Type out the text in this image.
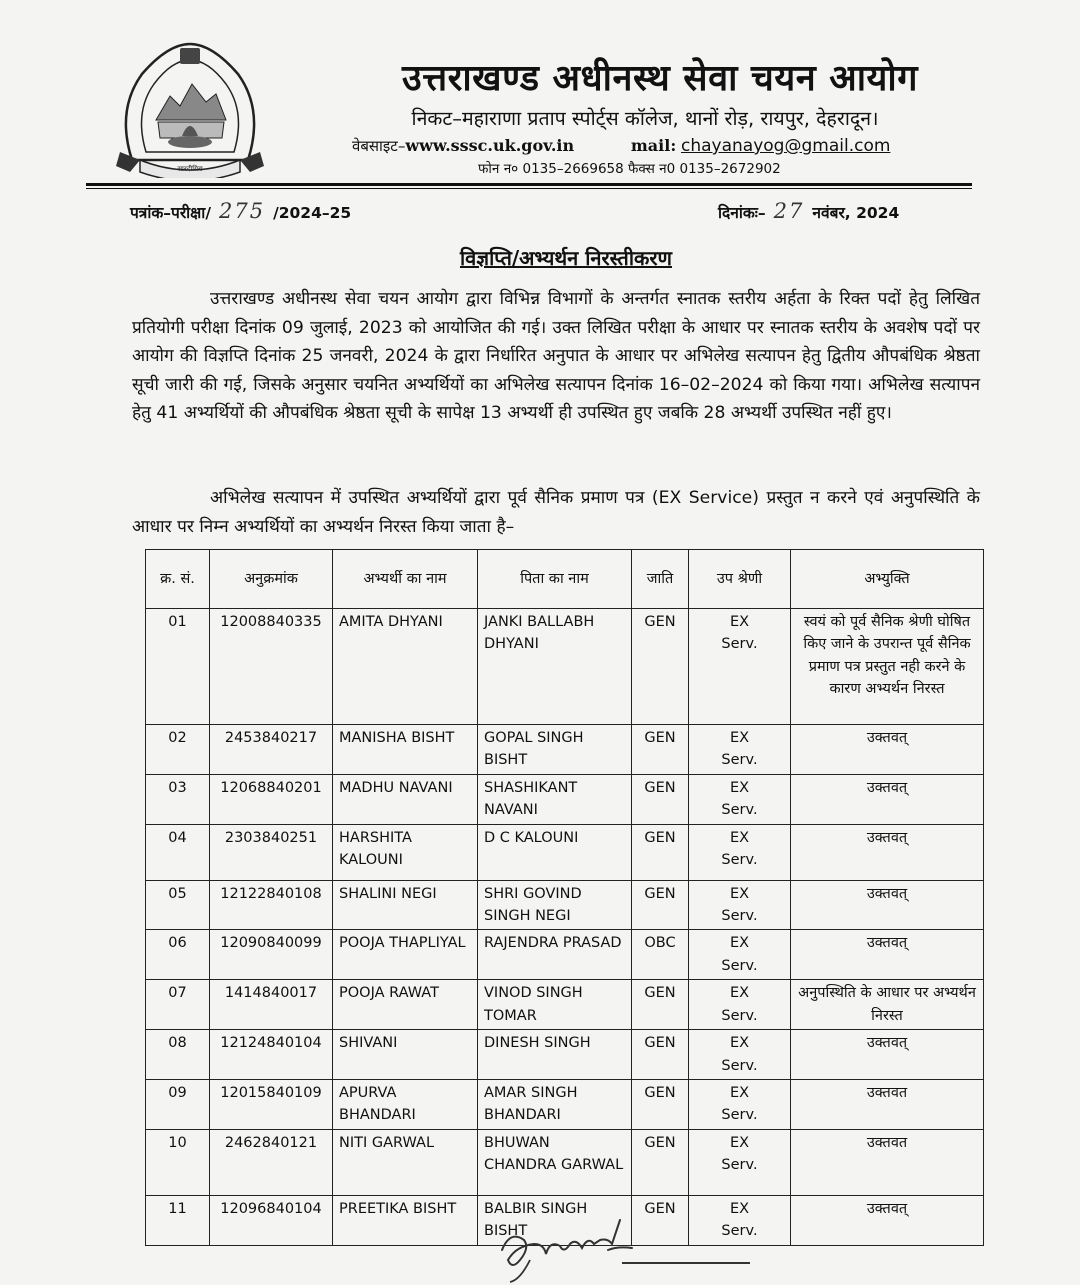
सारदीगिरा
उत्तराखण्ड अधीनस्थ सेवा चयन आयोग
निकट–महाराणा प्रताप स्पोर्ट्स कॉलेज, थानों रोड़, रायपुर, देहरादून।
वेबसाइट–www.sssc.uk.gov.in	mail: chayanayog@gmail.com
फोन न० 0135–2669658 फैक्स न0 0135–2672902
पत्रांक–परीक्षा/ 275 /2024–25	दिनांकः– 27 नवंबर, 2024
विज्ञप्ति/अभ्यर्थन निरस्तीकरण
उत्तराखण्ड अधीनस्थ सेवा चयन आयोग द्वारा विभिन्न विभागों के अन्तर्गत स्नातक स्तरीय अर्हता के रिक्त पदों हेतु लिखित प्रतियोगी परीक्षा दिनांक 09 जुलाई, 2023 को आयोजित की गई। उक्त लिखित परीक्षा के आधार पर स्नातक स्तरीय के अवशेष पदों पर आयोग की विज्ञप्ति दिनांक 25 जनवरी, 2024 के द्वारा निर्धारित अनुपात के आधार पर अभिलेख सत्यापन हेतु द्वितीय औपबंधिक श्रेष्ठता सूची जारी की गई, जिसके अनुसार चयनित अभ्यर्थियों का अभिलेख सत्यापन दिनांक 16–02–2024 को किया गया। अभिलेख सत्यापन हेतु 41 अभ्यर्थियों की औपबंधिक श्रेष्ठता सूची के सापेक्ष 13 अभ्यर्थी ही उपस्थित हुए जबकि 28 अभ्यर्थी उपस्थित नहीं हुए।
अभिलेख सत्यापन में उपस्थित अभ्यर्थियों द्वारा पूर्व सैनिक प्रमाण पत्र (EX Service) प्रस्तुत न करने एवं अनुपस्थिति के आधार पर निम्न अभ्यर्थियों का अभ्यर्थन निरस्त किया जाता है–
क्र. सं.	अनुक्रमांक	अभ्यर्थी का नाम	पिता का नाम	जाति	उप श्रेणी	अभ्युक्ति
01	12008840335	AMITA DHYANI	JANKI BALLABH DHYANI	GEN	EX Serv.	स्वयं को पूर्व सैनिक श्रेणी घोषित किए जाने के उपरान्त पूर्व सैनिक प्रमाण पत्र प्रस्तुत नही करने के कारण अभ्यर्थन निरस्त
02	2453840217	MANISHA BISHT	GOPAL SINGH BISHT	GEN	EX Serv.	उक्तवत्
03	12068840201	MADHU NAVANI	SHASHIKANT NAVANI	GEN	EX Serv.	उक्तवत्
04	2303840251	HARSHITA KALOUNI	D C KALOUNI	GEN	EX Serv.	उक्तवत्
05	12122840108	SHALINI NEGI	SHRI GOVIND SINGH NEGI	GEN	EX Serv.	उक्तवत्
06	12090840099	POOJA THAPLIYAL	RAJENDRA PRASAD	OBC	EX Serv.	उक्तवत्
07	1414840017	POOJA RAWAT	VINOD SINGH TOMAR	GEN	EX Serv.	अनुपस्थिति के आधार पर अभ्यर्थन निरस्त
08	12124840104	SHIVANI	DINESH SINGH	GEN	EX Serv.	उक्तवत्
09	12015840109	APURVA BHANDARI	AMAR SINGH BHANDARI	GEN	EX Serv.	उक्तवत
10	2462840121	NITI GARWAL	BHUWAN CHANDRA GARWAL	GEN	EX Serv.	उक्तवत
11	12096840104	PREETIKA BISHT	BALBIR SINGH BISHT	GEN	EX Serv.	उक्तवत्
